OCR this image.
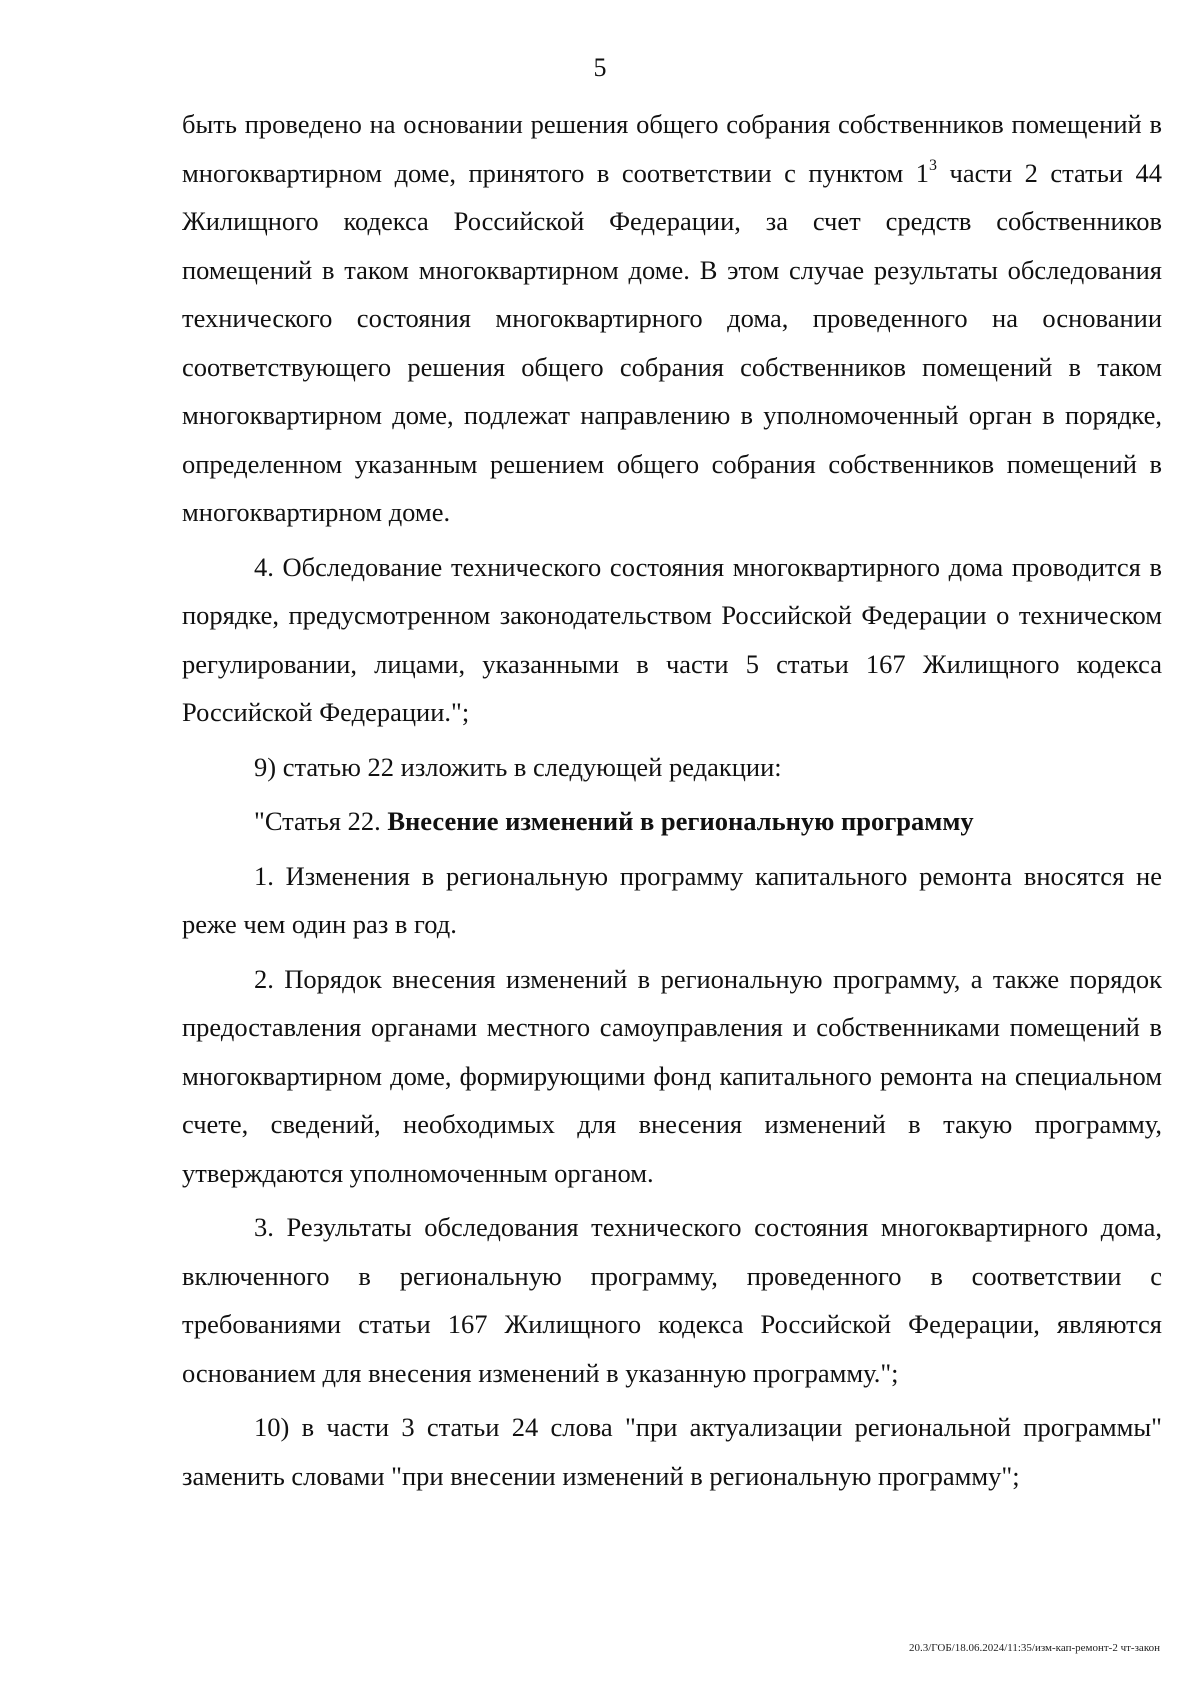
5

быть проведено на основании решения общего собрания собственников помещений в многоквартирном доме, принятого в соответствии с пунктом $1^3$ части 2 статьи 44 Жилищного кодекса Российской Федерации, за счет средств собственников помещений в таком многоквартирном доме. В этом случае результаты обследования технического состояния многоквартирного дома, проведенного на основании соответствующего решения общего собрания собственников помещений в таком многоквартирном доме, подлежат направлению в уполномоченный орган в порядке, определенном указанным решением общего собрания собственников помещений в многоквартирном доме.

4. Обследование технического состояния многоквартирного дома проводится в порядке, предусмотренном законодательством Российской Федерации о техническом регулировании, лицами, указанными в части 5 статьи 167 Жилищного кодекса Российской Федерации.";

9) статью 22 изложить в следующей редакции:

"Статья 22. Внесение изменений в региональную программу

1. Изменения в региональную программу капитального ремонта вносятся не реже чем один раз в год.

2. Порядок внесения изменений в региональную программу, а также порядок предоставления органами местного самоуправления и собственниками помещений в многоквартирном доме, формирующими фонд капитального ремонта на специальном счете, сведений, необходимых для внесения изменений в такую программу, утверждаются уполномоченным органом.

3. Результаты обследования технического состояния многоквартирного дома, включенного в региональную программу, проведенного в соответствии с требованиями статьи 167 Жилищного кодекса Российской Федерации, являются основанием для внесения изменений в указанную программу.";

10) в части 3 статьи 24 слова "при актуализации региональной программы" заменить словами "при внесении изменений в региональную программу";

20.3/ГОБ/18.06.2024/11:35/изм-кап-ремонт-2 чт-закон
